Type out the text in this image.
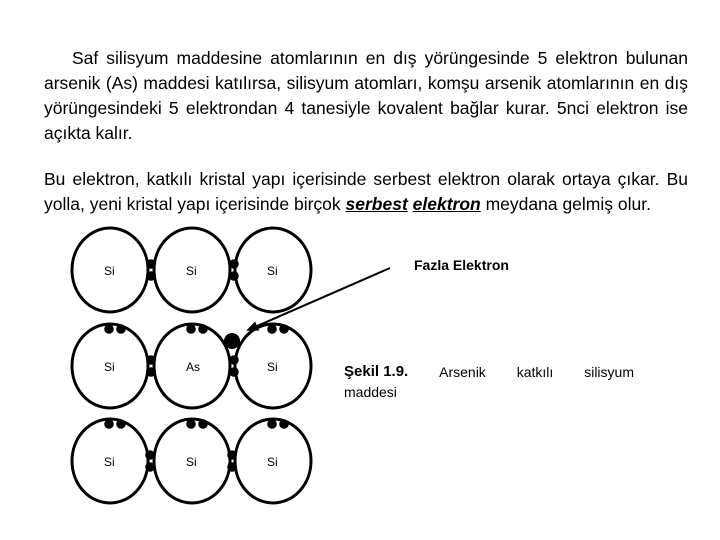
Saf silisyum maddesine atomlarının en dış yörüngesinde 5 elektron bulunan arsenik (As) maddesi katılırsa, silisyum atomları, komşu arsenik atomlarının en dış yörüngesindeki 5 elektrondan 4 tanesiyle kovalent bağlar kurar. 5nci elektron ise açıkta kalır.

Bu elektron, katkılı kristal yapı içerisinde serbest elektron olarak ortaya çıkar. Bu yolla, yeni kristal yapı içerisinde birçok serbest elektron meydana gelmiş olur.

Si	Si	Si
Si	As	Si
Si	Si	Si
Fazla Elektron
Şekil 1.9. Arsenik katkılı silisyum
maddesi
